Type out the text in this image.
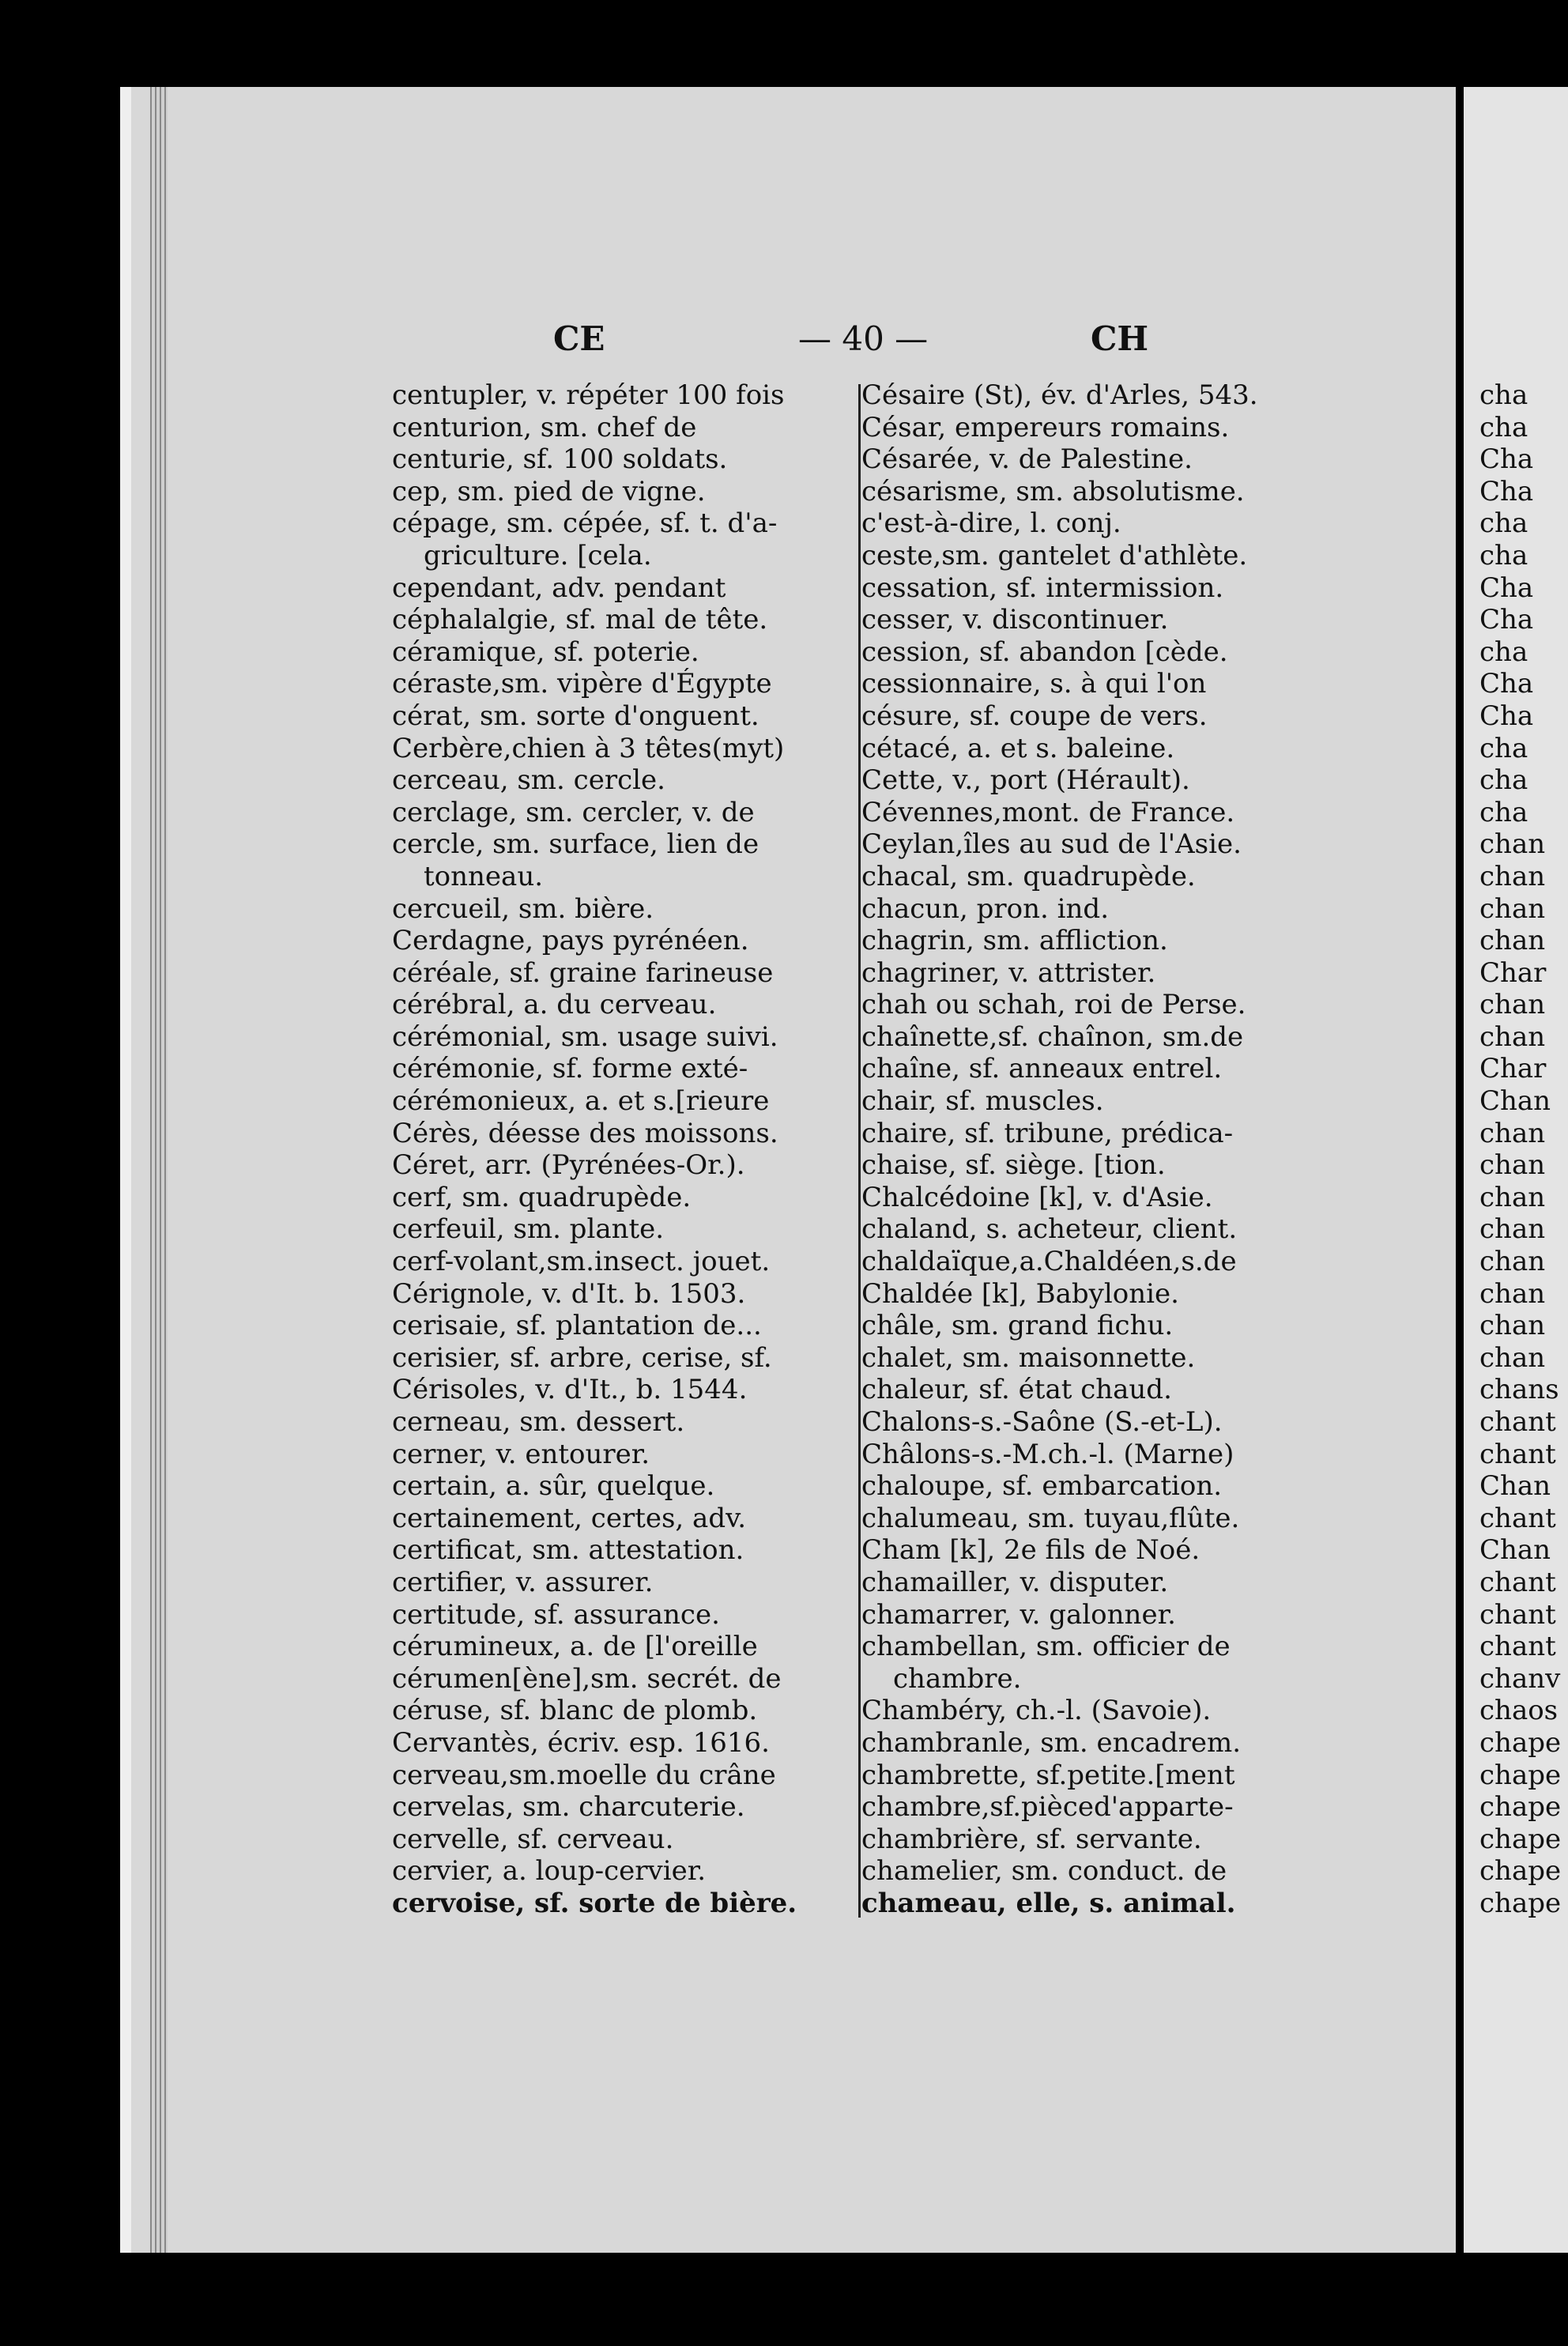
CE	— 40 —	CH
centupler, v. répéter 100 fois
centurion, sm. chef de
centurie, sf. 100 soldats.
cep, sm. pied de vigne.
cépage, sm. cépée, sf. t. d'a-
griculture. [cela.
cependant, adv. pendant
céphalalgie, sf. mal de tête.
céramique, sf. poterie.
céraste,sm. vipère d'Égypte
cérat, sm. sorte d'onguent.
Cerbère,chien à 3 têtes(myt)
cerceau, sm. cercle.
cerclage, sm. cercler, v. de
cercle, sm. surface, lien de
tonneau.
cercueil, sm. bière.
Cerdagne, pays pyrénéen.
céréale, sf. graine farineuse
cérébral, a. du cerveau.
cérémonial, sm. usage suivi.
cérémonie, sf. forme exté-
cérémonieux, a. et s.[rieure
Cérès, déesse des moissons.
Céret, arr. (Pyrénées-Or.).
cerf, sm. quadrupède.
cerfeuil, sm. plante.
cerf-volant,sm.insect. jouet.
Cérignole, v. d'It. b. 1503.
cerisaie, sf. plantation de...
cerisier, sf. arbre, cerise, sf.
Cérisoles, v. d'It., b. 1544.
cerneau, sm. dessert.
cerner, v. entourer.
certain, a. sûr, quelque.
certainement, certes, adv.
certificat, sm. attestation.
certifier, v. assurer.
certitude, sf. assurance.
cérumineux, a. de [l'oreille
cérumen[ène],sm. secrét. de
céruse, sf. blanc de plomb.
Cervantès, écriv. esp. 1616.
cerveau,sm.moelle du crâne
cervelas, sm. charcuterie.
cervelle, sf. cerveau.
cervier, a. loup-cervier.
cervoise, sf. sorte de bière.
Césaire (St), év. d'Arles, 543.
César, empereurs romains.
Césarée, v. de Palestine.
césarisme, sm. absolutisme.
c'est-à-dire, l. conj.
ceste,sm. gantelet d'athlète.
cessation, sf. intermission.
cesser, v. discontinuer.
cession, sf. abandon [cède.
cessionnaire, s. à qui l'on
césure, sf. coupe de vers.
cétacé, a. et s. baleine.
Cette, v., port (Hérault).
Cévennes,mont. de France.
Ceylan,îles au sud de l'Asie.
chacal, sm. quadrupède.
chacun, pron. ind.
chagrin, sm. affliction.
chagriner, v. attrister.
chah ou schah, roi de Perse.
chaînette,sf. chaînon, sm.de
chaîne, sf. anneaux entrel.
chair, sf. muscles.
chaire, sf. tribune, prédica-
chaise, sf. siège. [tion.
Chalcédoine [k], v. d'Asie.
chaland, s. acheteur, client.
chaldaïque,a.Chaldéen,s.de
Chaldée [k], Babylonie.
châle, sm. grand fichu.
chalet, sm. maisonnette.
chaleur, sf. état chaud.
Chalons-s.-Saône (S.-et-L).
Châlons-s.-M.ch.-l. (Marne)
chaloupe, sf. embarcation.
chalumeau, sm. tuyau,flûte.
Cham [k], 2e fils de Noé.
chamailler, v. disputer.
chamarrer, v. galonner.
chambellan, sm. officier de
chambre.
Chambéry, ch.-l. (Savoie).
chambranle, sm. encadrem.
chambrette, sf.petite.[ment
chambre,sf.pièced'apparte-
chambrière, sf. servante.
chamelier, sm. conduct. de
chameau, elle, s. animal.
cha
cha
Cha
Cha
cha
cha
Cha
Cha
cha
Cha
Cha
cha
cha
cha
chan
chan
chan
chan
Char
chan
chan
Char
Chan
chan
chan
chan
chan
chan
chan
chan
chan
chans
chant
chant
Chan
chant
Chan
chant
chant
chant
chanv
chaos
chape
chape
chape
chape
chape
chape
